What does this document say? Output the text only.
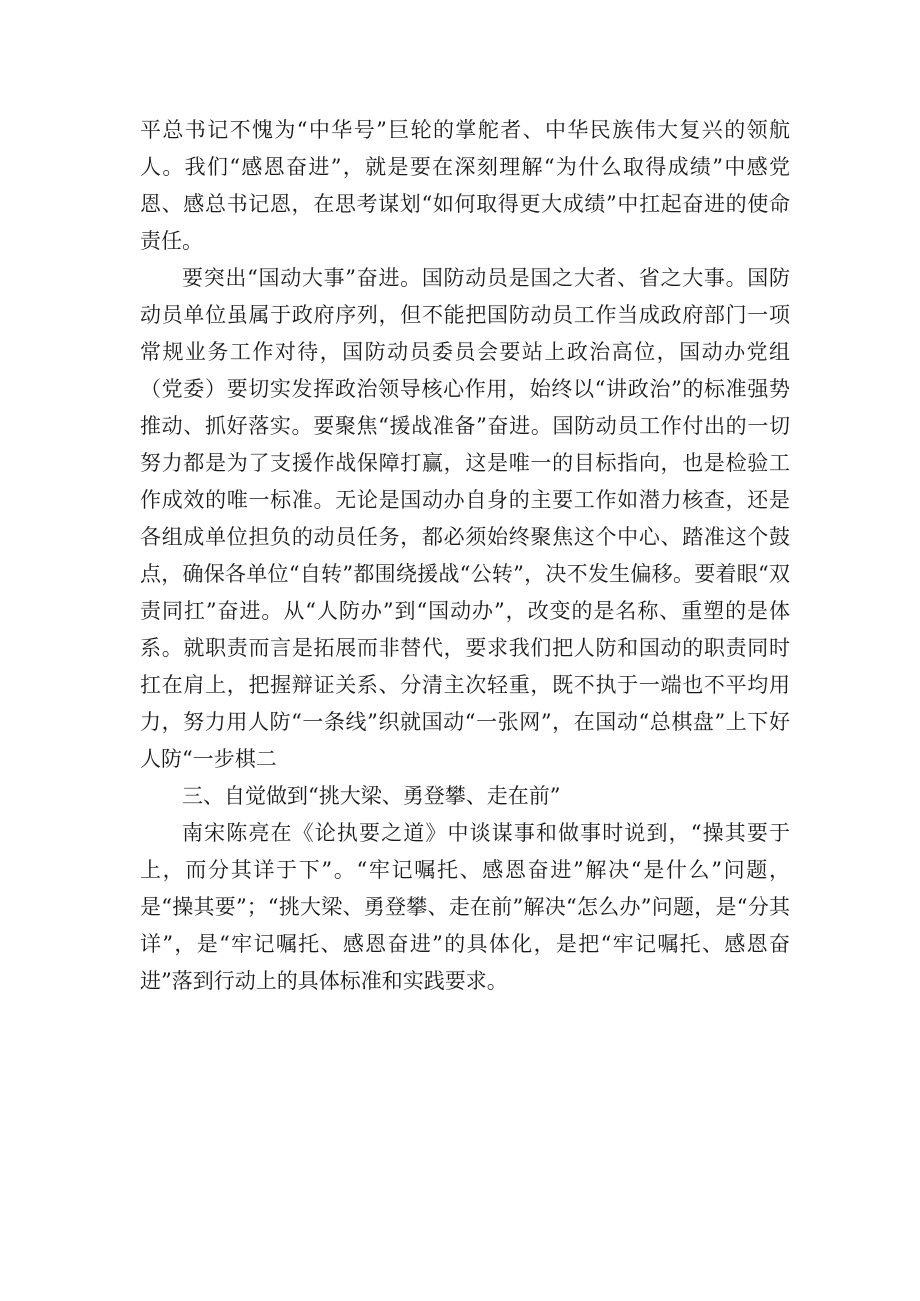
平总书记不愧为“中华号”巨轮的掌舵者、中华民族伟大复兴的领航人。我们“感恩奋进”，就是要在深刻理解“为什么取得成绩”中感党恩、感总书记恩，在思考谋划“如何取得更大成绩”中扛起奋进的使命责任。

要突出“国动大事”奋进。国防动员是国之大者、省之大事。国防动员单位虽属于政府序列，但不能把国防动员工作当成政府部门一项常规业务工作对待，国防动员委员会要站上政治高位，国动办党组（党委）要切实发挥政治领导核心作用，始终以“讲政治”的标准强势推动、抓好落实。要聚焦“援战准备”奋进。国防动员工作付出的一切努力都是为了支援作战保障打赢，这是唯一的目标指向，也是检验工作成效的唯一标准。无论是国动办自身的主要工作如潜力核查，还是各组成单位担负的动员任务，都必须始终聚焦这个中心、踏准这个鼓点，确保各单位“自转”都围绕援战“公转”，决不发生偏移。要着眼“双责同扛”奋进。从“人防办”到“国动办”，改变的是名称、重塑的是体系。就职责而言是拓展而非替代，要求我们把人防和国动的职责同时扛在肩上，把握辩证关系、分清主次轻重，既不执于一端也不平均用力，努力用人防“一条线”织就国动“一张网”，在国动“总棋盘”上下好人防“一步棋二

三、自觉做到“挑大梁、勇登攀、走在前”

南宋陈亮在《论执要之道》中谈谋事和做事时说到，“操其要于上，而分其详于下”。“牢记嘱托、感恩奋进”解决“是什么”问题，是“操其要”；“挑大梁、勇登攀、走在前”解决“怎么办”问题，是“分其详”，是“牢记嘱托、感恩奋进”的具体化，是把“牢记嘱托、感恩奋进”落到行动上的具体标准和实践要求。
